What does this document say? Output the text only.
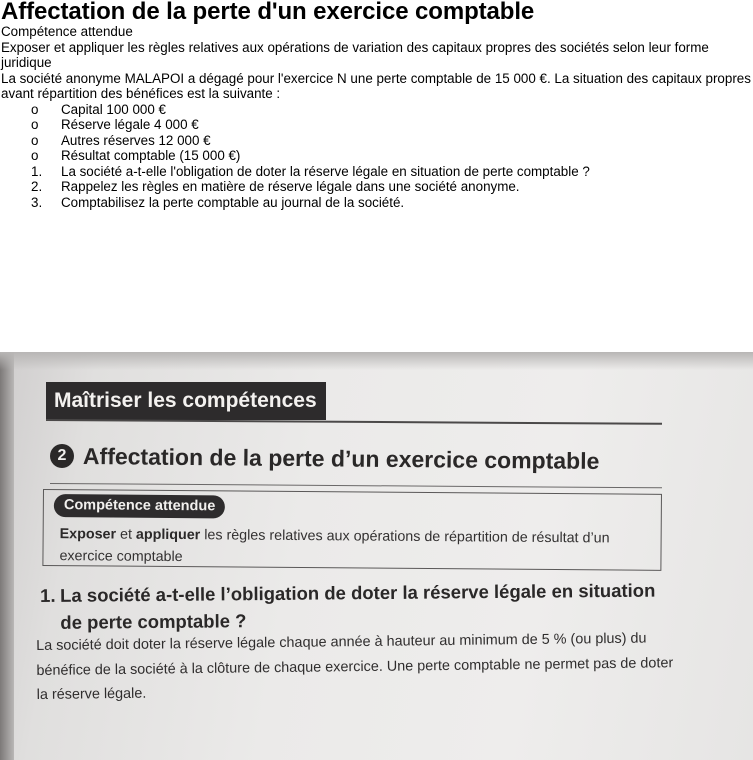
Affectation de la perte d'un exercice comptable

Compétence attendue

Exposer et appliquer les règles relatives aux opérations de variation des capitaux propres des sociétés selon leur forme juridique

La société anonyme MALAPOI a dégagé pour l'exercice N une perte comptable de 15 000 €. La situation des capitaux propres avant répartition des bénéfices est la suivante :

o Capital 100 000 €
o Réserve légale 4 000 €
o Autres réserves 12 000 €
o Résultat comptable (15 000 €)
1. La société a-t-elle l'obligation de doter la réserve légale en situation de perte comptable ?
2. Rappelez les règles en matière de réserve légale dans une société anonyme.
3. Comptabilisez la perte comptable au journal de la société.
Maîtriser les compétences
2 Affectation de la perte d’un exercice comptable
Compétence attendue
Exposer et appliquer les règles relatives aux opérations de répartition de résultat d’un exercice comptable
1. La société a-t-elle l’obligation de doter la réserve légale en situation
de perte comptable ?
La société doit doter la réserve légale chaque année à hauteur au minimum de 5 % (ou plus) du bénéfice de la société à la clôture de chaque exercice. Une perte comptable ne permet pas de doter la réserve légale.
